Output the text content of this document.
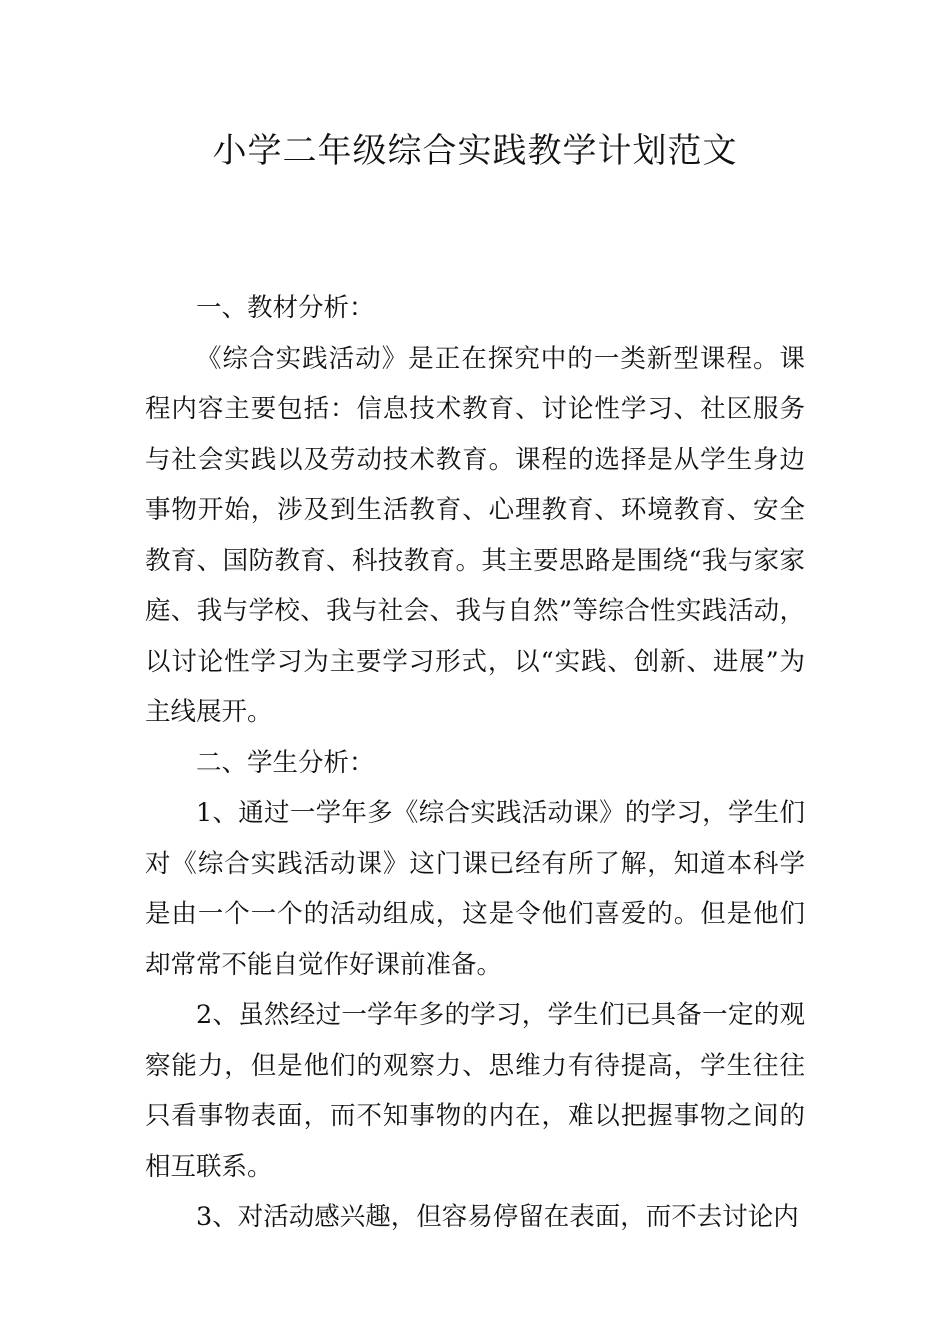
小学二年级综合实践教学计划范文

一、教材分析：

《综合实践活动》是正在探究中的一类新型课程。课程内容主要包括：信息技术教育、讨论性学习、社区服务与社会实践以及劳动技术教育。课程的选择是从学生身边事物开始，涉及到生活教育、心理教育、环境教育、安全教育、国防教育、科技教育。其主要思路是围绕“我与家家庭、我与学校、我与社会、我与自然”等综合性实践活动，以讨论性学习为主要学习形式，以“实践、创新、进展”为主线展开。

二、学生分析：

1、通过一学年多《综合实践活动课》的学习，学生们对《综合实践活动课》这门课已经有所了解，知道本科学是由一个一个的活动组成，这是令他们喜爱的。但是他们却常常不能自觉作好课前准备。

2、虽然经过一学年多的学习，学生们已具备一定的观察能力，但是他们的观察力、思维力有待提高，学生往往只看事物表面，而不知事物的内在，难以把握事物之间的相互联系。

3、对活动感兴趣，但容易停留在表面，而不去讨论内
